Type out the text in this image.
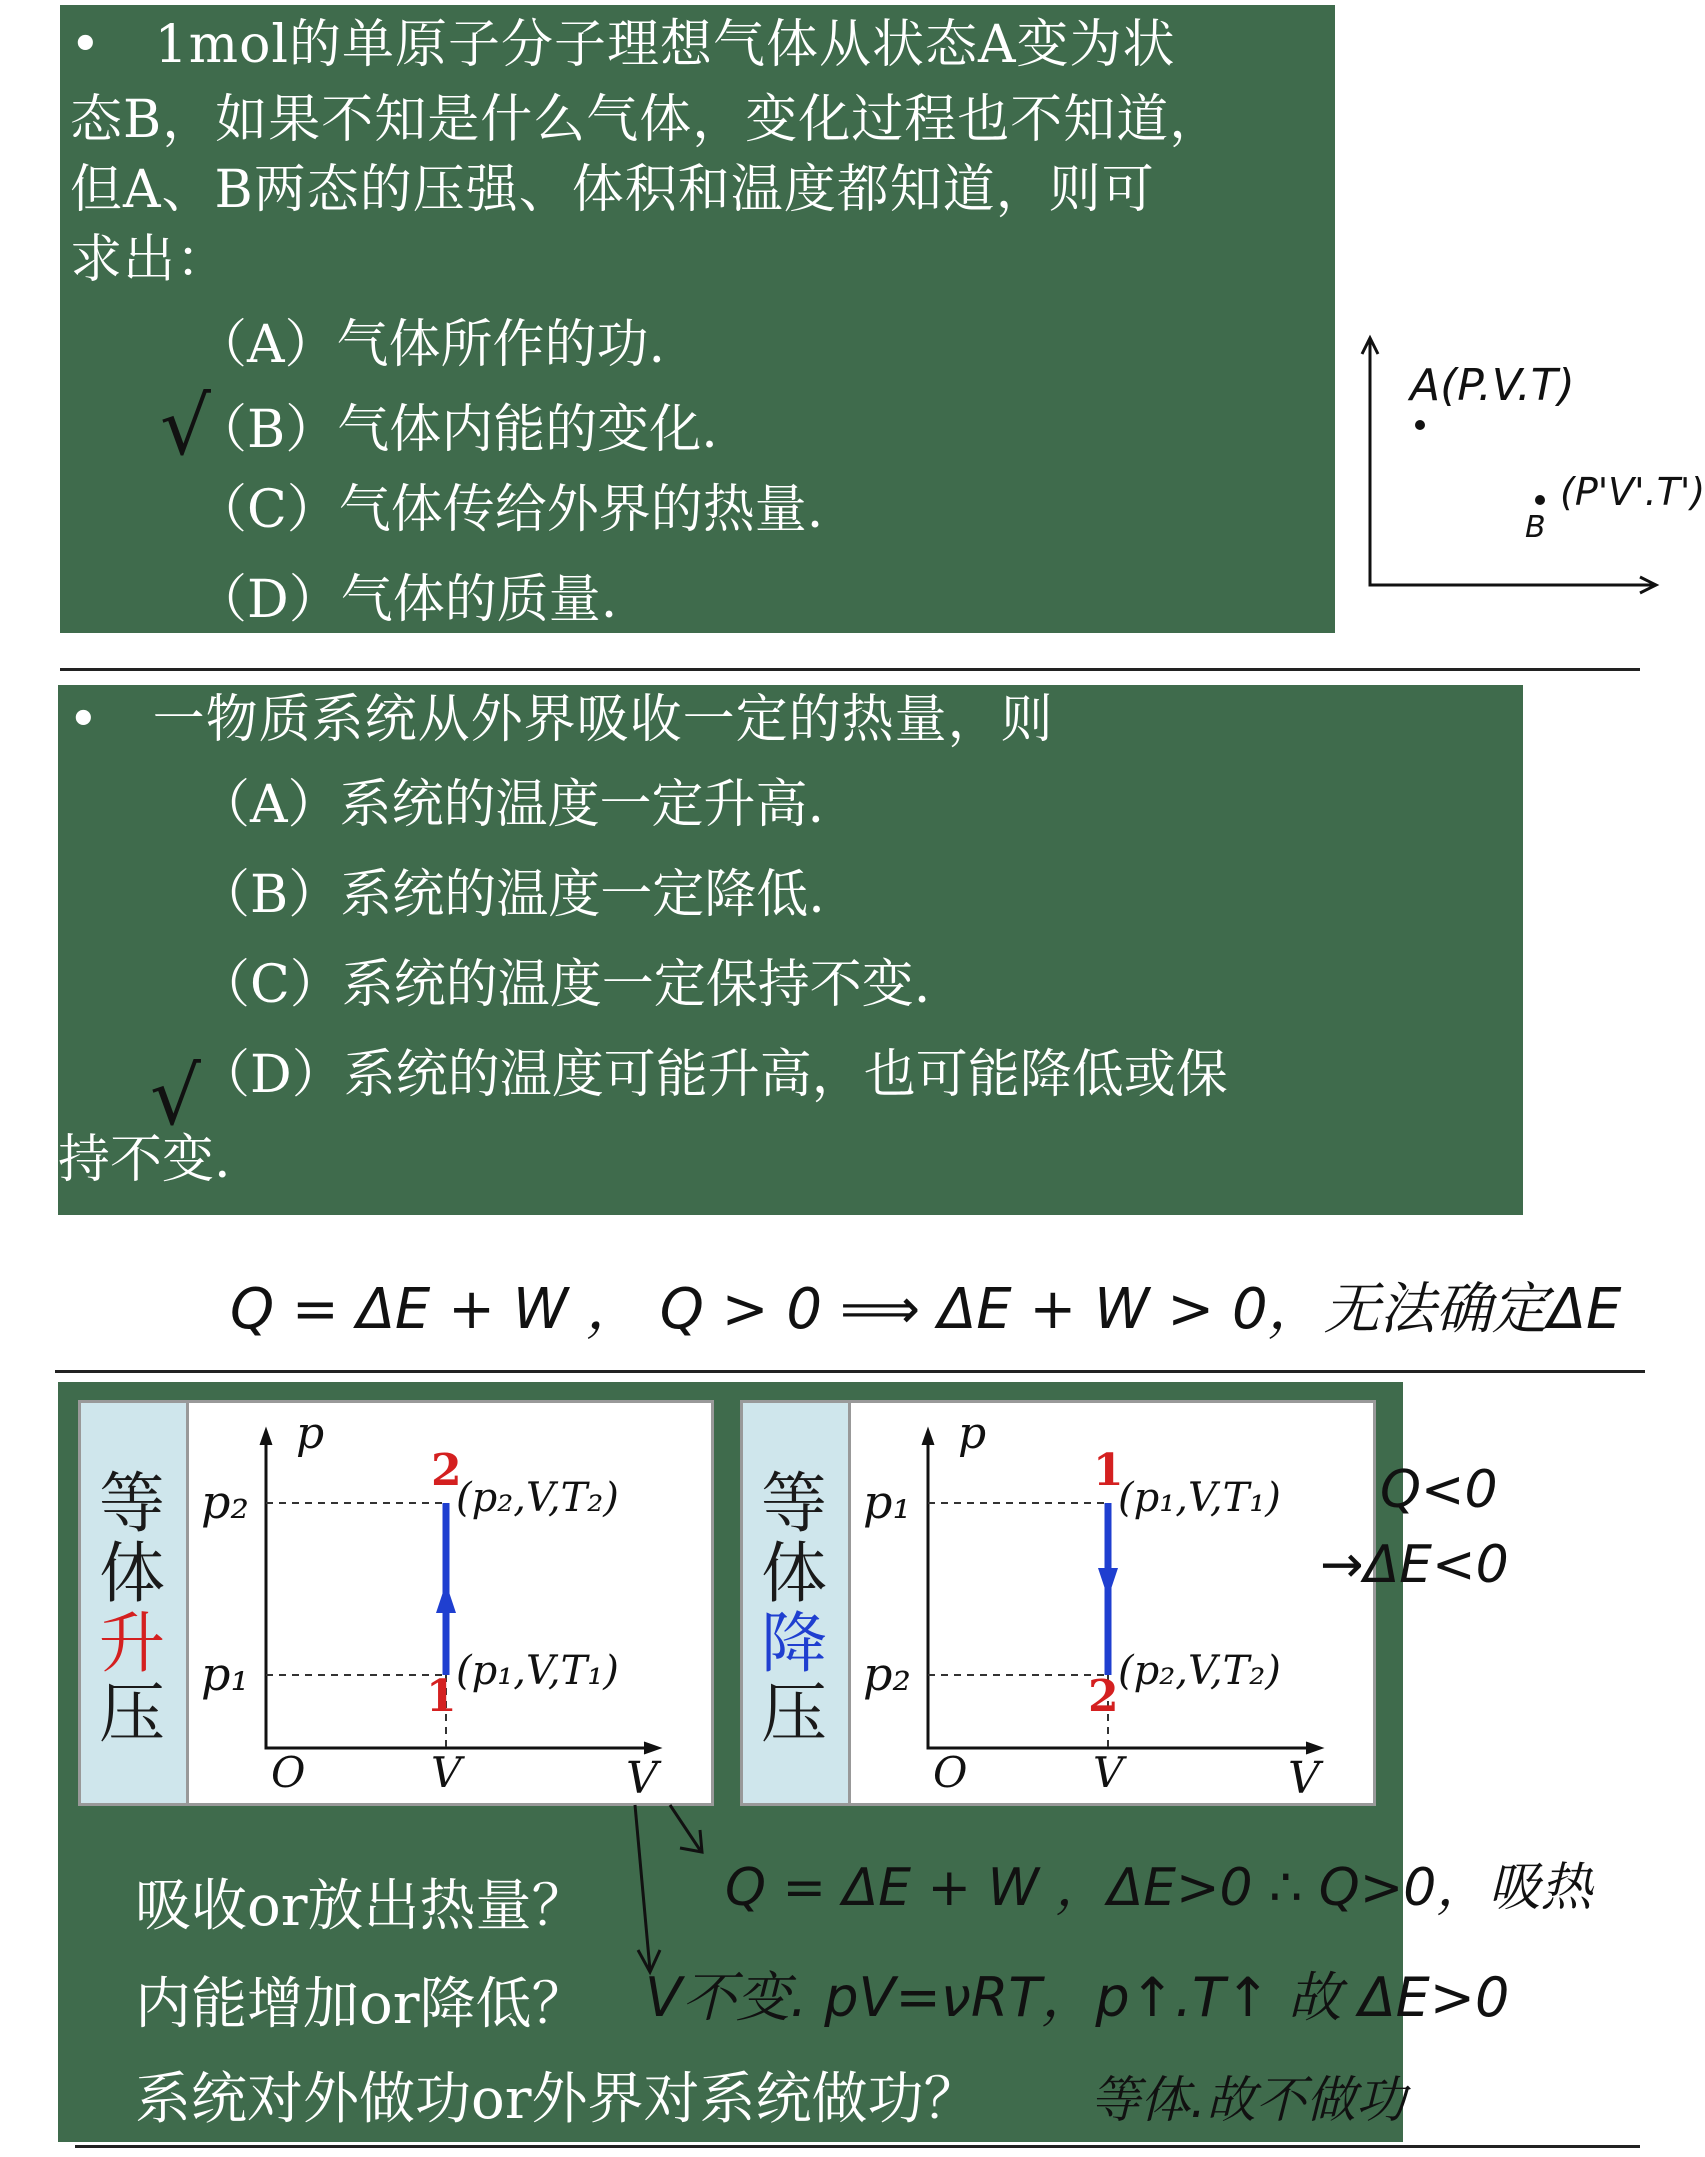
•　1mol的单原子分子理想气体从状态A变为状
态B，如果不知是什么气体，变化过程也不知道，
但A、B两态的压强、体积和温度都知道，则可
求出：
（A）气体所作的功.
（B）气体内能的变化.
（C）气体传给外界的热量.
（D）气体的质量.
√	A(P.V.T)
B
(P'V'.T')
•　一物质系统从外界吸收一定的热量，则
（A）系统的温度一定升高.
（B）系统的温度一定降低.
（C）系统的温度一定保持不变.
（D）系统的温度可能升高，也可能降低或保
持不变.
√
Q = ΔE + W ， Q > 0 ⟹ ΔE + W > 0，无法确定ΔE
等
体
升
压
p
p₂
p₁
O	V	V
2
1
(p₂,V,T₂)
(p₁,V,T₁)
等
体
降
压
p
p₁
p₂
O	V	V
1
2
(p₁,V,T₁)
(p₂,V,T₂)
Q<0
→ΔE<0
吸收or放出热量？
内能增加or降低？
系统对外做功or外界对系统做功？
Q = ΔE + W ，ΔE>0 ∴ Q>0，吸热
V不变. pV=νRT，p↑.T↑ 故 ΔE>0
等体.故不做功
